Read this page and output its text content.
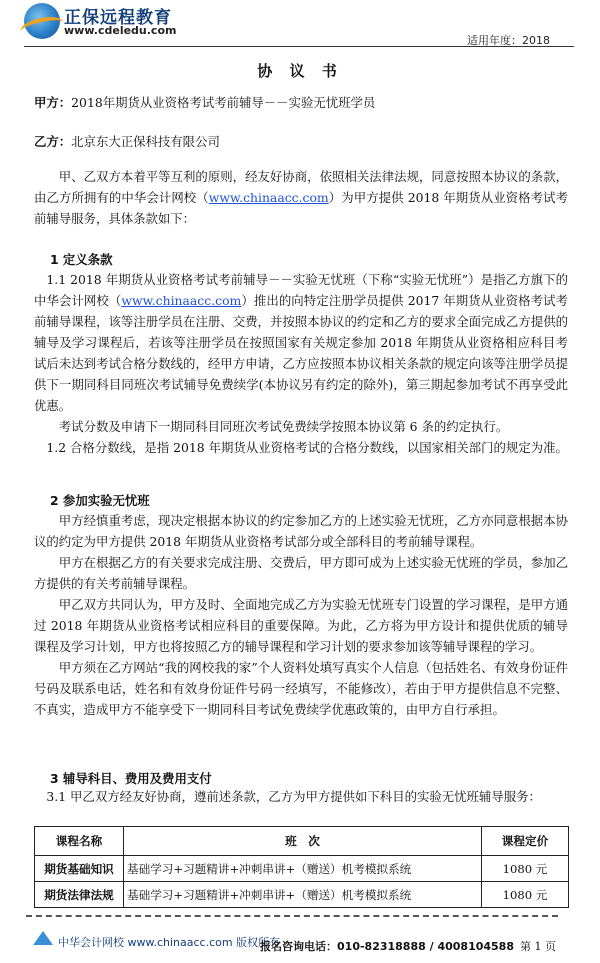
正保远程教育
www.cdeledu.com
适用年度：2018
协 议 书
甲方：2018年期货从业资格考试考前辅导－－实验无忧班学员
乙方：北京东大正保科技有限公司

甲、乙双方本着平等互利的原则，经友好协商，依照相关法律法规，同意按照本协议的条款，由乙方所拥有的中华会计网校（www.chinaacc.com）为甲方提供 2018 年期货从业资格考试考前辅导服务，具体条款如下：

1 定义条款

1.1 2018 年期货从业资格考试考前辅导－－实验无忧班（下称“实验无忧班”）是指乙方旗下的中华会计网校（www.chinaacc.com）推出的向特定注册学员提供 2017 年期货从业资格考试考前辅导课程，该等注册学员在注册、交费，并按照本协议的约定和乙方的要求全面完成乙方提供的辅导及学习课程后，若该等注册学员在按照国家有关规定参加 2018 年期货从业资格相应科目考试后未达到考试合格分数线的，经甲方申请，乙方应按照本协议相关条款的规定向该等注册学员提供下一期同科目同班次考试辅导免费续学(本协议另有约定的除外)，第三期起参加考试不再享受此优惠。

考试分数及申请下一期同科目同班次考试免费续学按照本协议第 6 条的约定执行。

1.2 合格分数线，是指 2018 年期货从业资格考试的合格分数线，以国家相关部门的规定为准。

2 参加实验无忧班

甲方经慎重考虑，现决定根据本协议的约定参加乙方的上述实验无忧班，乙方亦同意根据本协议的约定为甲方提供 2018 年期货从业资格考试部分或全部科目的考前辅导课程。

甲方在根据乙方的有关要求完成注册、交费后，甲方即可成为上述实验无忧班的学员，参加乙方提供的有关考前辅导课程。

甲乙双方共同认为，甲方及时、全面地完成乙方为实验无忧班专门设置的学习课程，是甲方通过 2018 年期货从业资格考试相应科目的重要保障。为此，乙方将为甲方设计和提供优质的辅导课程及学习计划，甲方也将按照乙方的辅导课程和学习计划的要求参加该等辅导课程的学习。

甲方须在乙方网站“我的网校我的家”个人资料处填写真实个人信息（包括姓名、有效身份证件号码及联系电话，姓名和有效身份证件号码一经填写，不能修改），若由于甲方提供信息不完整、不真实，造成甲方不能享受下一期同科目考试免费续学优惠政策的，由甲方自行承担。

3 辅导科目、费用及费用支付

3.1 甲乙双方经友好协商，遵前述条款，乙方为甲方提供如下科目的实验无忧班辅导服务：

课程名称	班　次	课程定价
期货基础知识	基础学习+习题精讲+冲刺串讲+（赠送）机考模拟系统	1080 元
期货法律法规	基础学习+习题精讲+冲刺串讲+（赠送）机考模拟系统	1080 元
中华会计网校 www.chinaacc.com 版权所有
报名咨询电话：010-82318888 / 4008104588 第 1 页
